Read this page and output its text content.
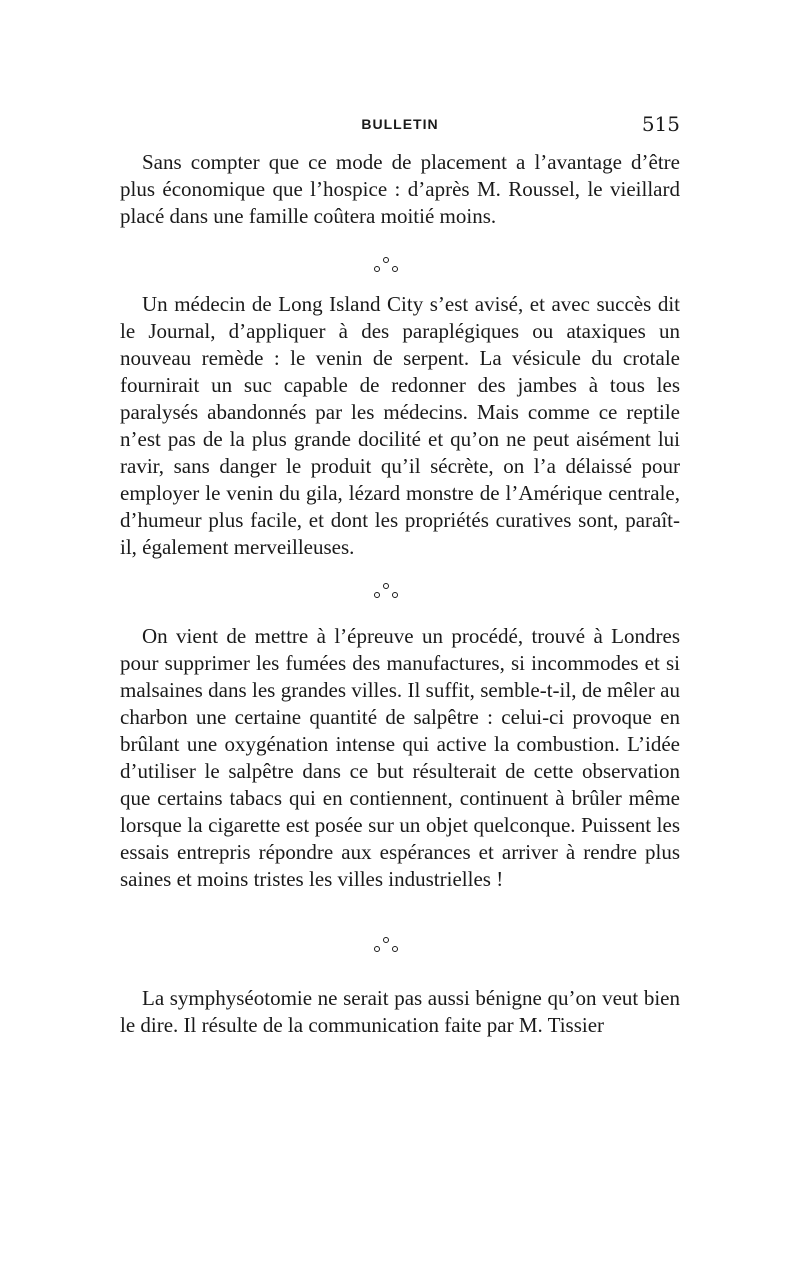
BULLETIN	515

Sans compter que ce mode de placement a l’avantage d’être plus économique que l’hospice : d’après M. Roussel, le vieillard placé dans une famille coûtera moitié moins.

Un médecin de Long Island City s’est avisé, et avec succès dit le Journal, d’appliquer à des paraplégiques ou ataxiques un nouveau remède : le venin de serpent. La vésicule du crotale fournirait un suc capable de redonner des jambes à tous les paralysés abandonnés par les médecins. Mais comme ce reptile n’est pas de la plus grande docilité et qu’on ne peut aisément lui ravir, sans danger le produit qu’il sécrète, on l’a délaissé pour employer le venin du gila, lézard monstre de l’Amérique centrale, d’humeur plus facile, et dont les propriétés curatives sont, paraît-il, également merveilleuses.

On vient de mettre à l’épreuve un procédé, trouvé à Londres pour supprimer les fumées des manufactures, si incommodes et si malsaines dans les grandes villes. Il suffit, semble-t-il, de mêler au charbon une certaine quantité de salpêtre : celui-ci provoque en brûlant une oxygénation intense qui active la combustion. L’idée d’utiliser le salpêtre dans ce but résulterait de cette observation que certains tabacs qui en contiennent, continuent à brûler même lorsque la cigarette est posée sur un objet quelconque. Puissent les essais entrepris répondre aux espérances et arriver à rendre plus saines et moins tristes les villes industrielles !

La symphyséotomie ne serait pas aussi bénigne qu’on veut bien le dire. Il résulte de la communication faite par M. Tissier
